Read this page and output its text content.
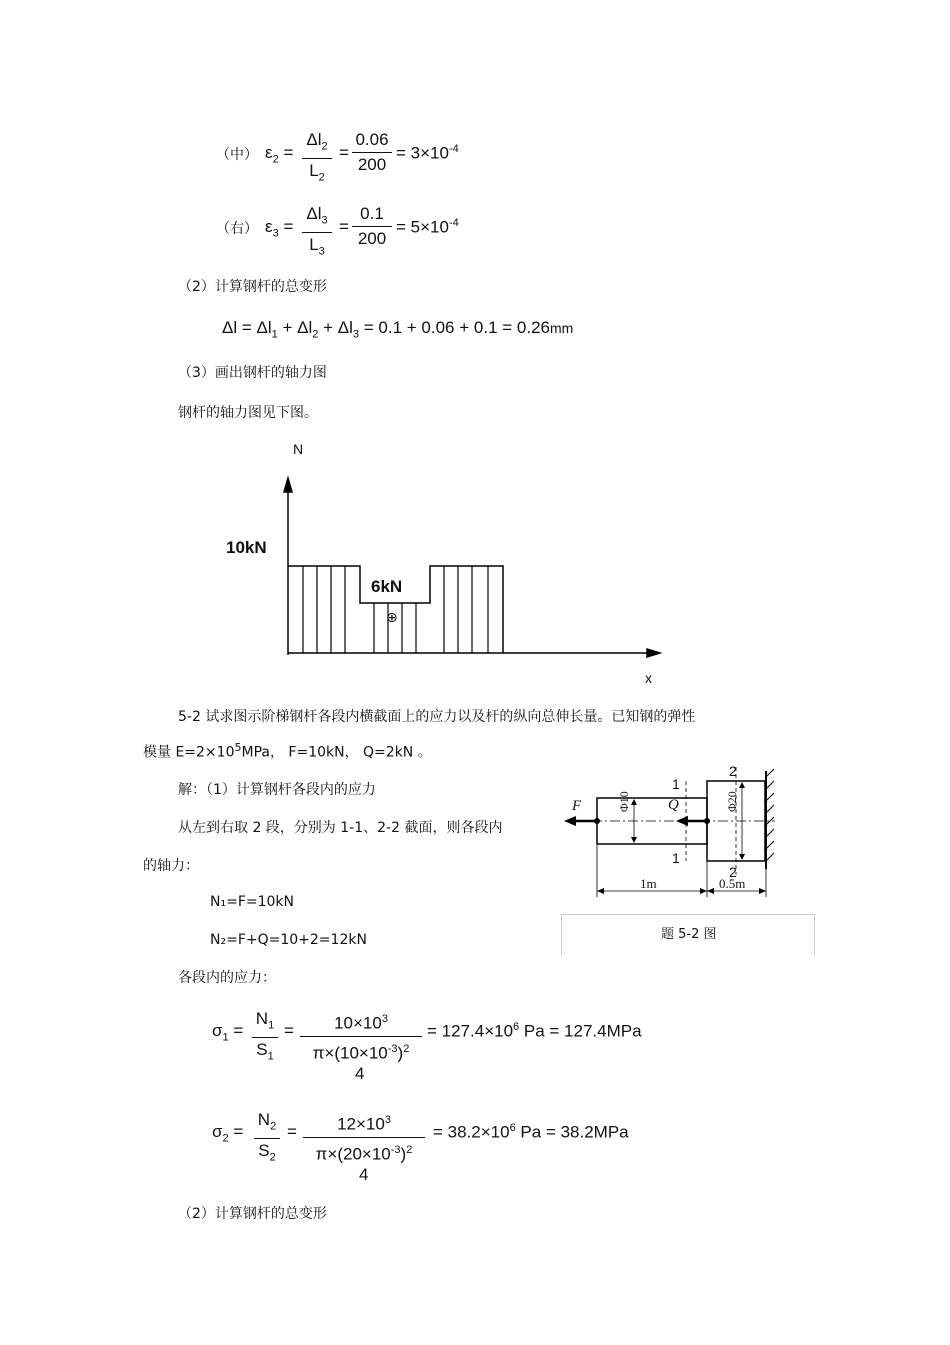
（中） $\varepsilon_2$ =
$\Delta l_2$
$L_2$
=
0.06
200
= $3\times 10^{-4}$
（右） $\varepsilon_3$ =
$\Delta l_3$
$L_3$
=
0.1
200
= $5\times 10^{-4}$
（2）计算钢杆的总变形
$\Delta l = \Delta l_1 + \Delta l_2 + \Delta l_3 = 0.1 + 0.06 + 0.1 = 0.26mm$
（3）画出钢杆的轴力图
钢杆的轴力图见下图。
N
10kN
6kN
x
⊕
5-2 试求图示阶梯钢杆各段内横截面上的应力以及杆的纵向总伸长量。已知钢的弹性
模量 $E=2\times 10^5MPa$， F=10kN， Q=2kN 。
解：（1）计算钢杆各段内的应力
从左到右取 2 段，分别为 1-1、2-2 截面，则各段内
的轴力：
N₁=F=10kN
N₂=F+Q=10+2=12kN
各段内的应力：
题 5-2 图
F	Q
1
1
2
2
Φ10	Φ20
1m	0.5m
$\sigma_1$ =
$N_1$
$S_1$
=	$10\times 10^3$
$\pi\times(10\times 10^{-3})^2$
4
= $127.4\times 10^6$ Pa = 127.4MPa
$\sigma_2$ =
$N_2$
$S_2$
=	$12\times 10^3$
$\pi\times(20\times 10^{-3})^2$
4
= $38.2\times 10^6$ Pa = 38.2MPa
（2）计算钢杆的总变形
